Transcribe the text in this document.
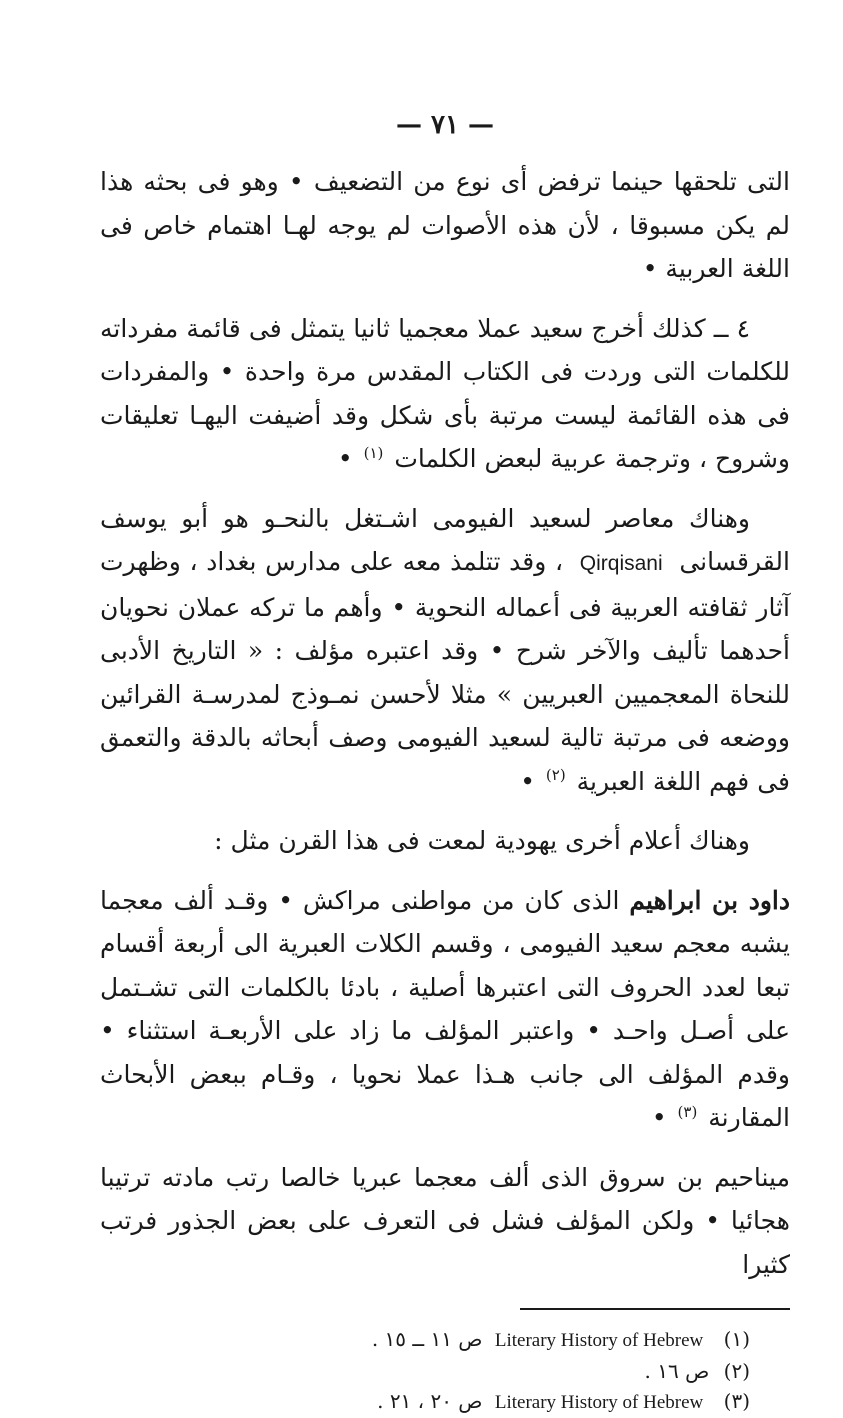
— ٧١ —

التى تلحقها حينما ترفض أى نوع من التضعيف • وهو فى بحثه هذا لم يكن مسبوقا ، لأن هذه الأصوات لم يوجه لهـا اهتمام خاص فى اللغة العربية •

٤ ــ كذلك أخرج سعيد عملا معجميا ثانيا يتمثل فى قائمة مفرداته للكلمات التى وردت فى الكتاب المقدس مرة واحدة • والمفردات فى هذه القائمة ليست مرتبة بأى شكل وقد أضيفت اليهـا تعليقات وشروح ، وترجمة عربية لبعض الكلمات $^{(١)}$ •

وهناك معاصر لسعيد الفيومى اشـتغل بالنحـو هو أبو يوسف القرقسانى Qirqisani ، وقد تتلمذ معه على مدارس بغداد ، وظهرت آثار ثقافته العربية فى أعماله النحوية • وأهم ما تركه عملان نحويان أحدهما تأليف والآخر شرح • وقد اعتبره مؤلف : « التاريخ الأدبى للنحاة المعجميين العبريين » مثلا لأحسن نمـوذج لمدرسـة القرائين ووضعه فى مرتبة تالية لسعيد الفيومى وصف أبحاثه بالدقة والتعمق فى فهم اللغة العبرية $^{(٢)}$ •

وهناك أعلام أخرى يهودية لمعت فى هذا القرن مثل :

داود بن ابراهيم الذى كان من مواطنى مراكش • وقـد ألف معجما يشبه معجم سعيد الفيومى ، وقسم الكلات العبرية الى أربعة أقسام تبعا لعدد الحروف التى اعتبرها أصلية ، بادئا بالكلمات التى تشـتمل على أصـل واحـد • واعتبر المؤلف ما زاد على الأربعـة استثناء • وقدم المؤلف الى جانب هـذا عملا نحويا ، وقـام ببعض الأبحاث المقارنة $^{(٣)}$ •

ميناحيم بن سروق الذى ألف معجما عبريا خالصا رتب مادته ترتيبا هجائيا • ولكن المؤلف فشل فى التعرف على بعض الجذور فرتب كثيرا

(١) Literary History of Hebrew ص ١١ ــ ١٥ .

(٢) ص ١٦ .

(٣) Literary History of Hebrew ص ٢٠ ، ٢١ .
